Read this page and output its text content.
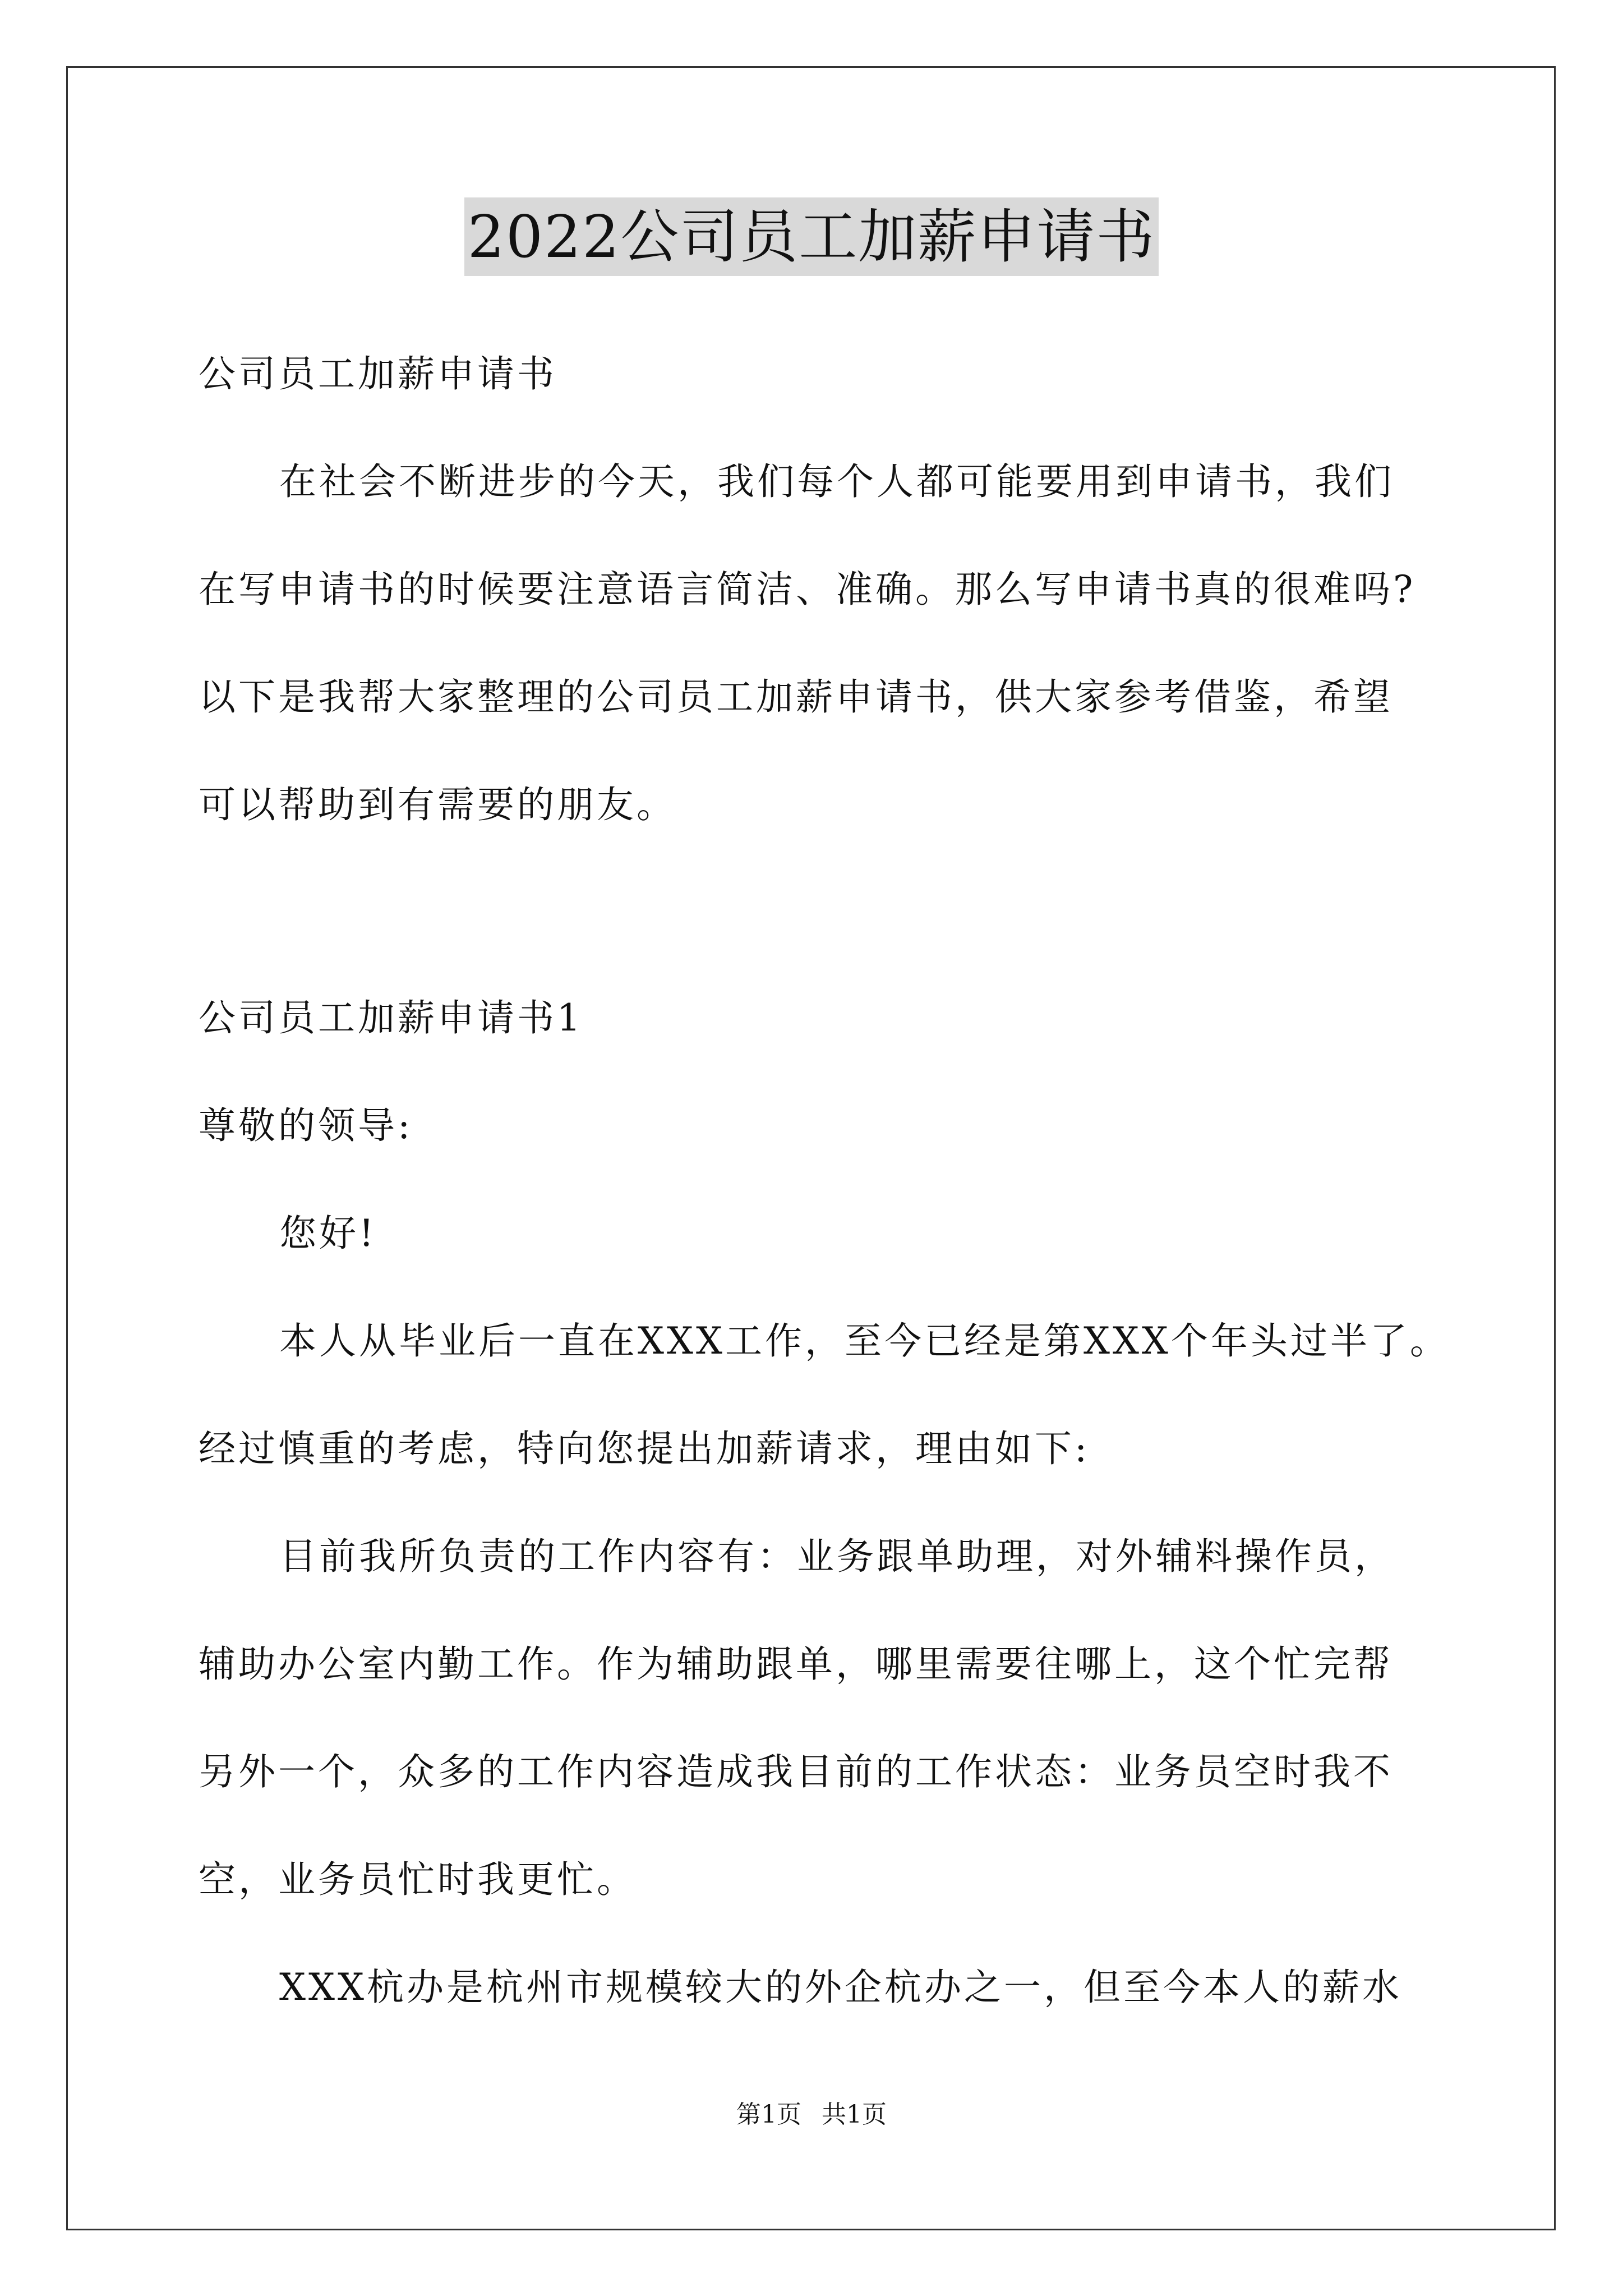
2022公司员工加薪申请书
公司员工加薪申请书
在社会不断进步的今天，我们每个人都可能要用到申请书，我们
在写申请书的时候要注意语言简洁、准确。那么写申请书真的很难吗?
以下是我帮大家整理的公司员工加薪申请书，供大家参考借鉴，希望
可以帮助到有需要的朋友。
公司员工加薪申请书1
尊敬的领导:
您好!
本人从毕业后一直在XXX工作，至今已经是第XXX个年头过半了。
经过慎重的考虑，特向您提出加薪请求，理由如下:
目前我所负责的工作内容有：业务跟单助理，对外辅料操作员，
辅助办公室内勤工作。作为辅助跟单，哪里需要往哪上，这个忙完帮
另外一个，众多的工作内容造成我目前的工作状态：业务员空时我不
空，业务员忙时我更忙。
XXX杭办是杭州市规模较大的外企杭办之一，但至今本人的薪水
第1页 共1页
